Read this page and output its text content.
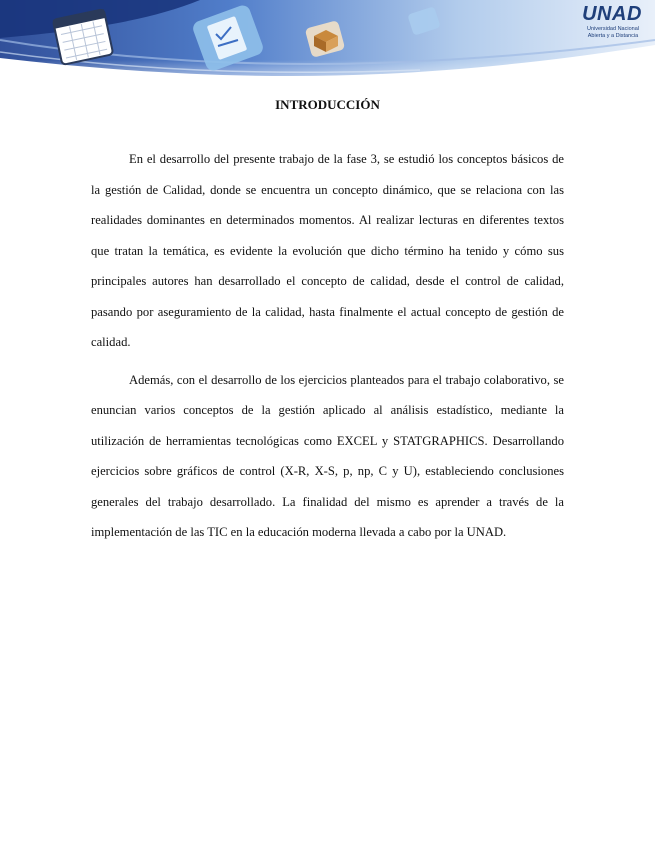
UNAD
Universidad Nacional Abierta y a Distancia
INTRODUCCIÓN

En el desarrollo del presente trabajo de la fase 3, se estudió los conceptos básicos de la gestión de Calidad, donde se encuentra un concepto dinámico, que se relaciona con las realidades dominantes en determinados momentos. Al realizar lecturas en diferentes textos que tratan la temática, es evidente la evolución que dicho término ha tenido y cómo sus principales autores han desarrollado el concepto de calidad, desde el control de calidad, pasando por aseguramiento de la calidad, hasta finalmente el actual concepto de gestión de calidad.

Además, con el desarrollo de los ejercicios planteados para el trabajo colaborativo, se enuncian varios conceptos de la gestión aplicado al análisis estadístico, mediante la utilización de herramientas tecnológicas como EXCEL y STATGRAPHICS. Desarrollando ejercicios sobre gráficos de control (X-R, X-S, p, np, C y U), estableciendo conclusiones generales del trabajo desarrollado. La finalidad del mismo es aprender a través de la implementación de las TIC en la educación moderna llevada a cabo por la UNAD.
